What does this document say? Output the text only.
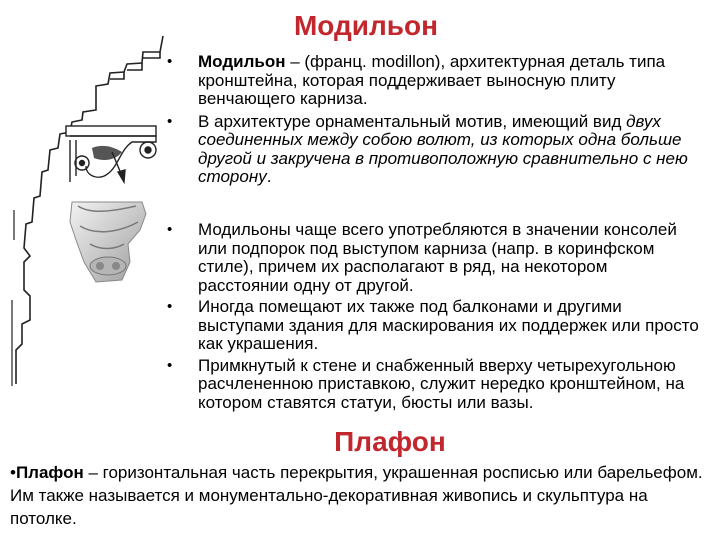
Модильон
• Модильон – (франц. modillon), архитектурная деталь типа кронштейна, которая поддерживает выносную плиту венчающего карниза.
• В архитектуре орнаментальный мотив, имеющий вид двух соединенных между собою волют, из которых одна больше другой и закручена в противоположную сравнительно с нею сторону.
• Модильоны чаще всего употребляются в значении консолей или подпорок под выступом карниза (напр. в коринфском стиле), причем их располагают в ряд, на некотором расстоянии одну от другой.
• Иногда помещают их также под балконами и другими выступами здания для маскирования их поддержек или просто как украшения.
• Примкнутый к стене и снабженный вверху четырехугольною расчлененною приставкою, служит нередко кронштейном, на котором ставятся статуи, бюсты или вазы.
Плафон

•Плафон – горизонтальная часть перекрытия, украшенная росписью или барельефом. Им также называется и монументально-декоративная живопись и скульптура на потолке.
